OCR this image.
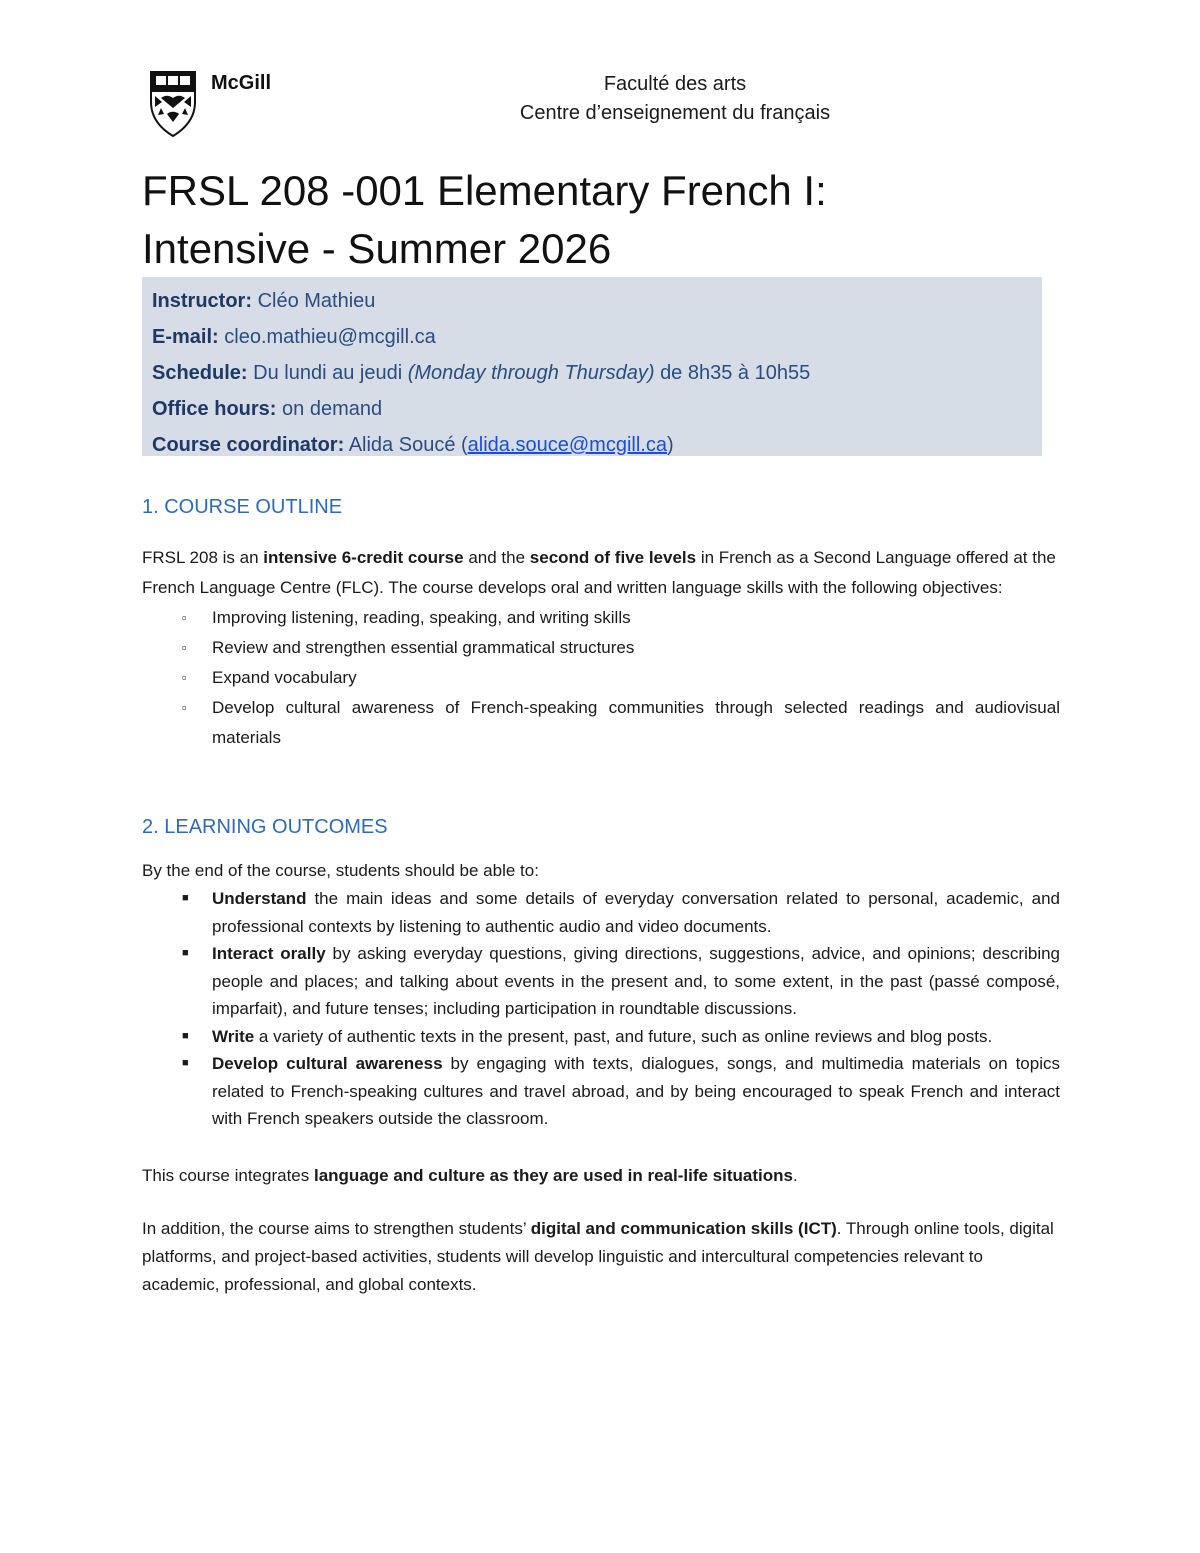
McGill	Faculté des arts
Centre d’enseignement du français
FRSL 208 -001 Elementary French I:
Intensive - Summer 2026
Instructor: Cléo Mathieu
E-mail: cleo.mathieu@mcgill.ca
Schedule: Du lundi au jeudi (Monday through Thursday) de 8h35 à 10h55
Office hours: on demand
Course coordinator: Alida Soucé (alida.souce@mcgill.ca)
1. COURSE OUTLINE

FRSL 208 is an intensive 6-credit course and the second of five levels in French as a Second Language offered at the French Language Centre (FLC). The course develops oral and written language skills with the following objectives:

▫ Improving listening, reading, speaking, and writing skills
▫ Review and strengthen essential grammatical structures
▫ Expand vocabulary
▫ Develop cultural awareness of French-speaking communities through selected readings and audiovisual materials
2. LEARNING OUTCOMES

By the end of the course, students should be able to:

■ Understand the main ideas and some details of everyday conversation related to personal, academic, and professional contexts by listening to authentic audio and video documents.
■ Interact orally by asking everyday questions, giving directions, suggestions, advice, and opinions; describing people and places; and talking about events in the present and, to some extent, in the past (passé composé, imparfait), and future tenses; including participation in roundtable discussions.
■ Write a variety of authentic texts in the present, past, and future, such as online reviews and blog posts.
■ Develop cultural awareness by engaging with texts, dialogues, songs, and multimedia materials on topics related to French-speaking cultures and travel abroad, and by being encouraged to speak French and interact with French speakers outside the classroom.

This course integrates language and culture as they are used in real-life situations.

In addition, the course aims to strengthen students’ digital and communication skills (ICT). Through online tools, digital platforms, and project-based activities, students will develop linguistic and intercultural competencies relevant to academic, professional, and global contexts.
